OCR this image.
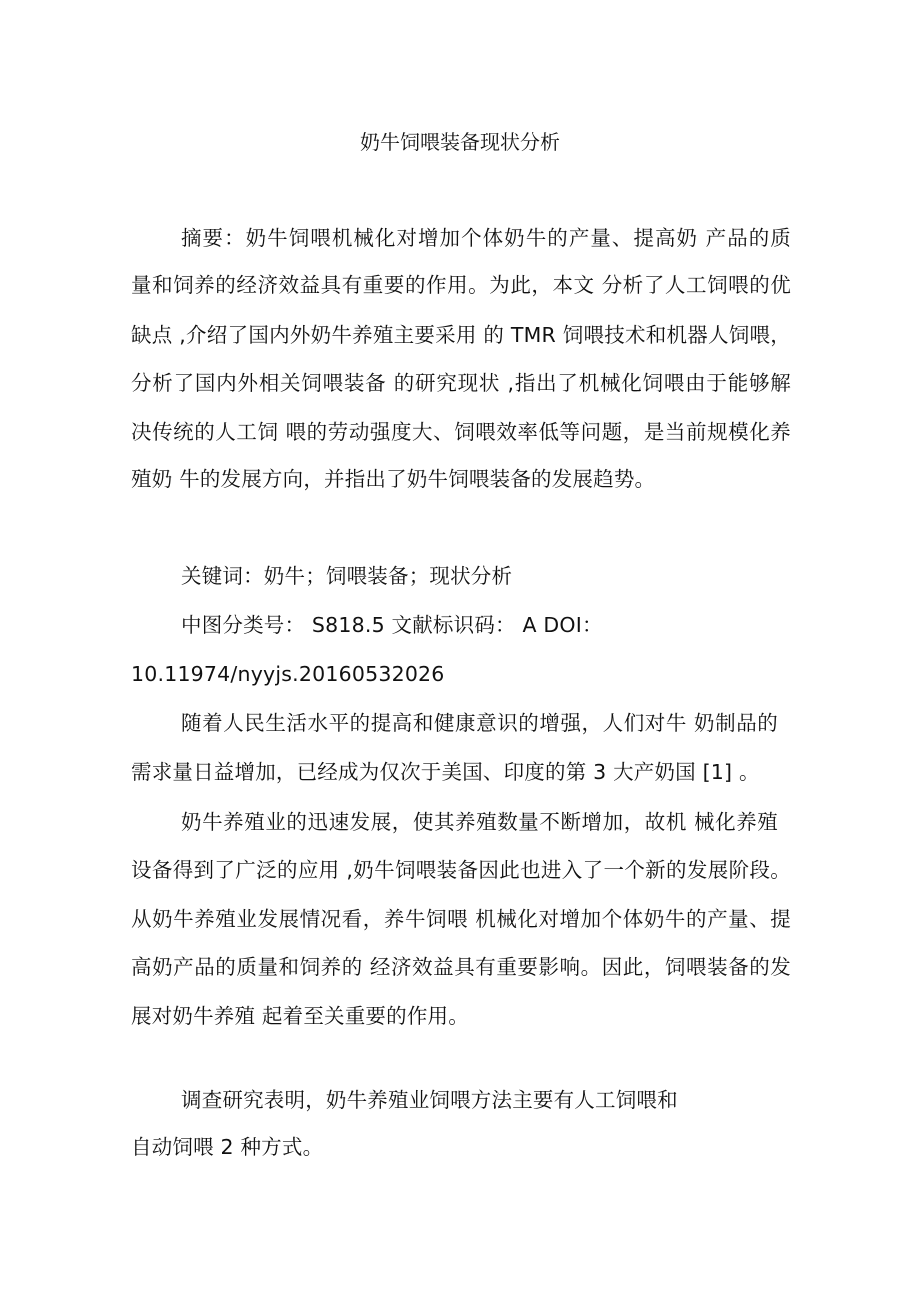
奶牛饲喂装备现状分析
摘要：奶牛饲喂机械化对增加个体奶牛的产量、提高奶 产品的质
量和饲养的经济效益具有重要的作用。为此，本文 分析了人工饲喂的优
缺点 ,介绍了国内外奶牛养殖主要采用 的 TMR 饲喂技术和机器人饲喂，
分析了国内外相关饲喂装备 的研究现状 ,指出了机械化饲喂由于能够解
决传统的人工饲 喂的劳动强度大、饲喂效率低等问题，是当前规模化养
殖奶 牛的发展方向，并指出了奶牛饲喂装备的发展趋势。
关键词：奶牛；饲喂装备；现状分析
中图分类号： S818.5 文献标识码： A DOI：
10.11974/nyyjs.20160532026
随着人民生活水平的提高和健康意识的增强，人们对牛 奶制品的
需求量日益增加，已经成为仅次于美国、印度的第 3 大产奶国 [1] 。
奶牛养殖业的迅速发展，使其养殖数量不断增加，故机 械化养殖
设备得到了广泛的应用 ,奶牛饲喂装备因此也进入了一个新的发展阶段。
从奶牛养殖业发展情况看，养牛饲喂 机械化对增加个体奶牛的产量、提
高奶产品的质量和饲养的 经济效益具有重要影响。因此，饲喂装备的发
展对奶牛养殖 起着至关重要的作用。
调查研究表明，奶牛养殖业饲喂方法主要有人工饲喂和
自动饲喂 2 种方式。
